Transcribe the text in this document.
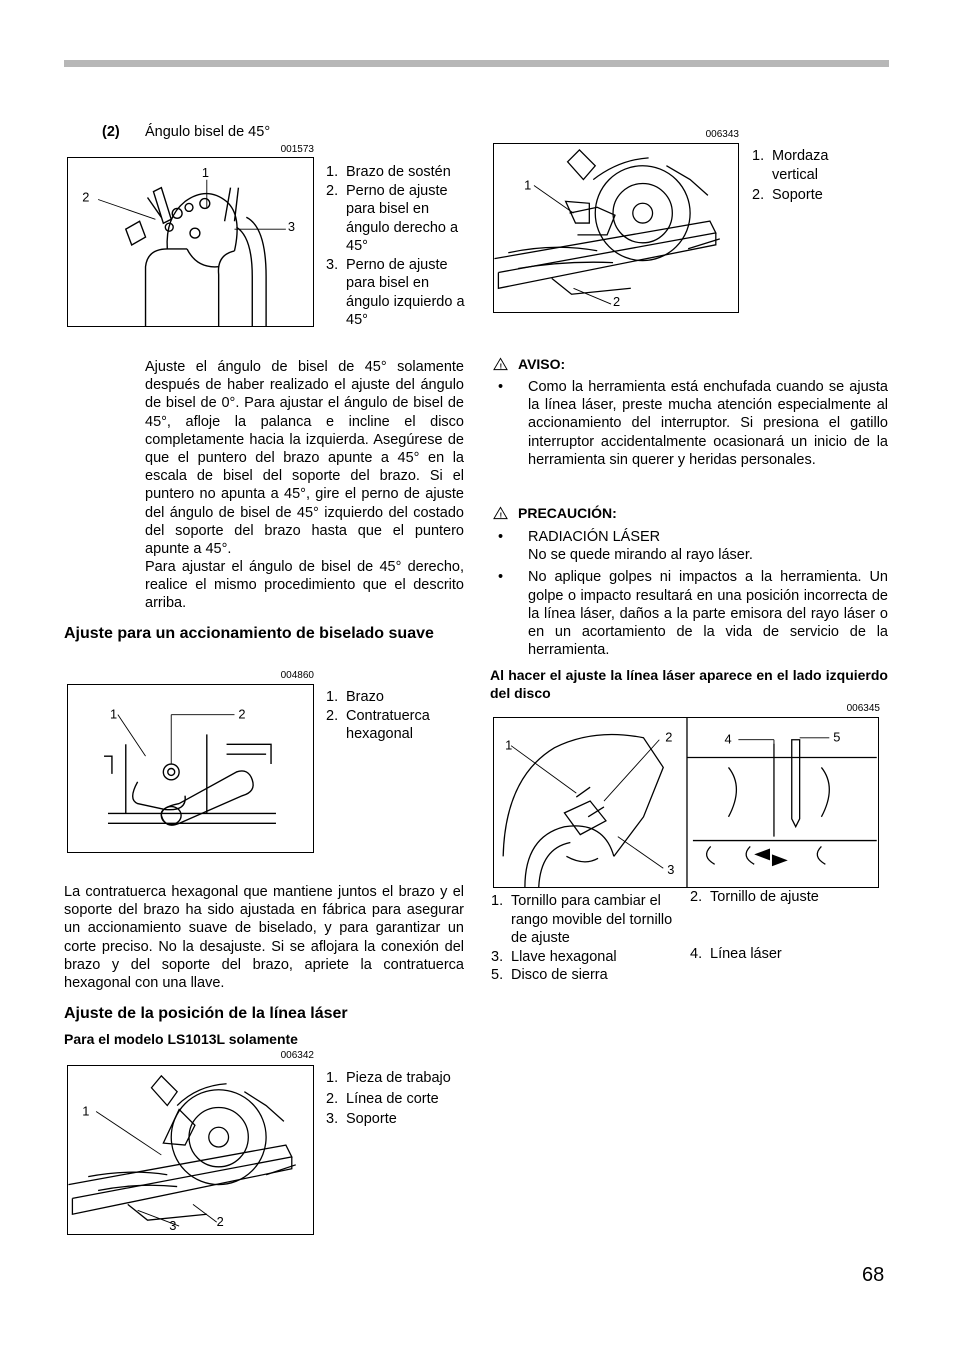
(2) Ángulo bisel de 45°
001573
1
2
3
1. Brazo de sostén
2. Perno de ajuste para bisel en ángulo derecho a 45°
3. Perno de ajuste para bisel en ángulo izquierdo a 45°
Ajuste el ángulo de bisel de 45° solamente después de haber realizado el ajuste del ángulo de bisel de 0°. Para ajustar el ángulo de bisel de 45°, afloje la palanca e incline el disco completamente hacia la izquierda. Asegúrese de que el puntero del brazo apunte a 45° en la escala de bisel del soporte del brazo. Si el puntero no apunta a 45°, gire el perno de ajuste del ángulo de bisel de 45° izquierdo del costado del soporte del brazo hasta que el puntero apunte a 45°.
Para ajustar el ángulo de bisel de 45° derecho, realice el mismo procedimiento que el descrito arriba.
Ajuste para un accionamiento de biselado suave
004860
1	2
1. Brazo
2. Contratuerca hexagonal
La contratuerca hexagonal que mantiene juntos el brazo y el soporte del brazo ha sido ajustada en fábrica para asegurar un accionamiento suave de biselado, y para garantizar un corte preciso. No la desajuste. Si se aflojara la conexión del brazo y del soporte del brazo, apriete la contratuerca hexagonal con una llave.
Ajuste de la posición de la línea láser
Para el modelo LS1013L solamente
006342
1
3	2
1. Pieza de trabajo
2. Línea de corte
3. Soporte
006343
1
2
1. Mordaza vertical
2. Soporte
! AVISO:
• Como la herramienta está enchufada cuando se ajusta la línea láser, preste mucha atención especialmente al accionamiento del interruptor. Si presiona el gatillo interruptor accidentalmente ocasionará un inicio de la herramienta sin querer y heridas personales.
! PRECAUCIÓN:
• RADIACIÓN LÁSER
No se quede mirando al rayo láser.
• No aplique golpes ni impactos a la herramienta. Un golpe o impacto resultará en una posición incorrecta de la línea láser, daños a la parte emisora del rayo láser o en un acortamiento de la vida de servicio de la herramienta.
Al hacer el ajuste la línea láser aparece en el lado izquierdo del disco
006345
1
2
3
4	5
1. Tornillo para cambiar el rango movible del tornillo de ajuste
3. Llave hexagonal
5. Disco de sierra
2. Tornillo de ajuste
4. Línea láser
68
